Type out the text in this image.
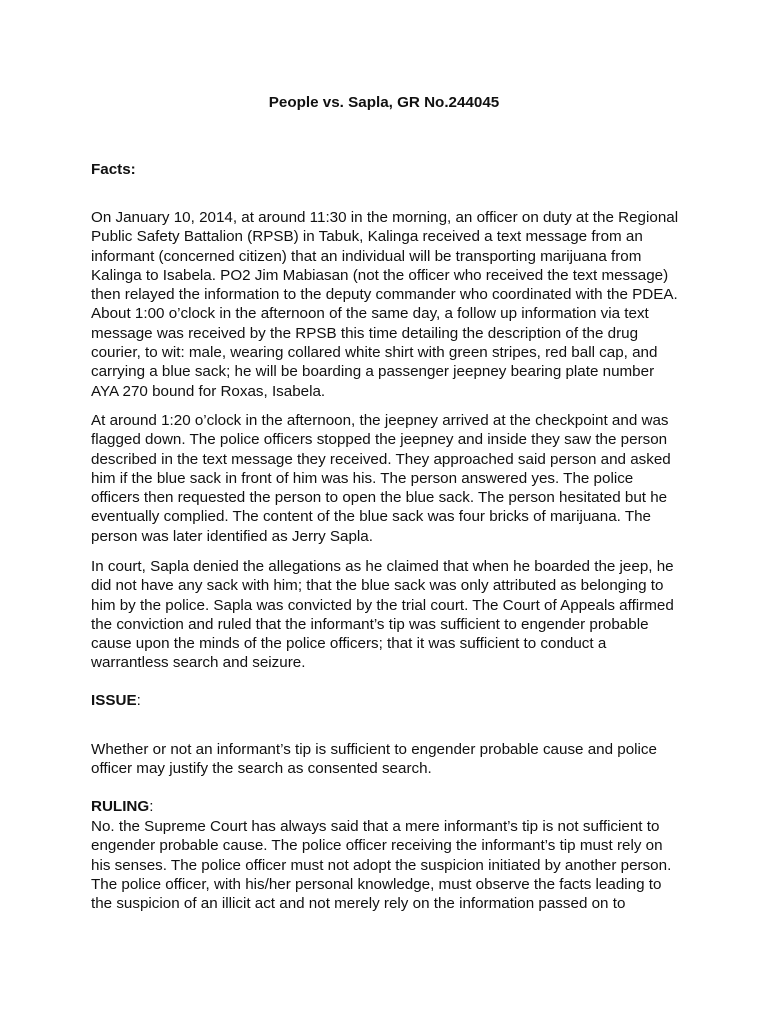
People vs. Sapla, GR No.244045
Facts:
On January 10, 2014, at around 11:30 in the morning, an officer on duty at the Regional
Public Safety Battalion (RPSB) in Tabuk, Kalinga received a text message from an
informant (concerned citizen) that an individual will be transporting marijuana from
Kalinga to Isabela. PO2 Jim Mabiasan (not the officer who received the text message)
then relayed the information to the deputy commander who coordinated with the PDEA.
About 1:00 o’clock in the afternoon of the same day, a follow up information via text
message was received by the RPSB this time detailing the description of the drug
courier, to wit: male, wearing collared white shirt with green stripes, red ball cap, and
carrying a blue sack; he will be boarding a passenger jeepney bearing plate number
AYA 270 bound for Roxas, Isabela.
At around 1:20 o’clock in the afternoon, the jeepney arrived at the checkpoint and was
flagged down. The police officers stopped the jeepney and inside they saw the person
described in the text message they received. They approached said person and asked
him if the blue sack in front of him was his. The person answered yes. The police
officers then requested the person to open the blue sack. The person hesitated but he
eventually complied. The content of the blue sack was four bricks of marijuana. The
person was later identified as Jerry Sapla.
In court, Sapla denied the allegations as he claimed that when he boarded the jeep, he
did not have any sack with him; that the blue sack was only attributed as belonging to
him by the police. Sapla was convicted by the trial court. The Court of Appeals affirmed
the conviction and ruled that the informant’s tip was sufficient to engender probable
cause upon the minds of the police officers; that it was sufficient to conduct a
warrantless search and seizure.
ISSUE:
Whether or not an informant’s tip is sufficient to engender probable cause and police
officer may justify the search as consented search.
RULING:
No. the Supreme Court has always said that a mere informant’s tip is not sufficient to
engender probable cause. The police officer receiving the informant’s tip must rely on
his senses. The police officer must not adopt the suspicion initiated by another person.
The police officer, with his/her personal knowledge, must observe the facts leading to
the suspicion of an illicit act and not merely rely on the information passed on to
